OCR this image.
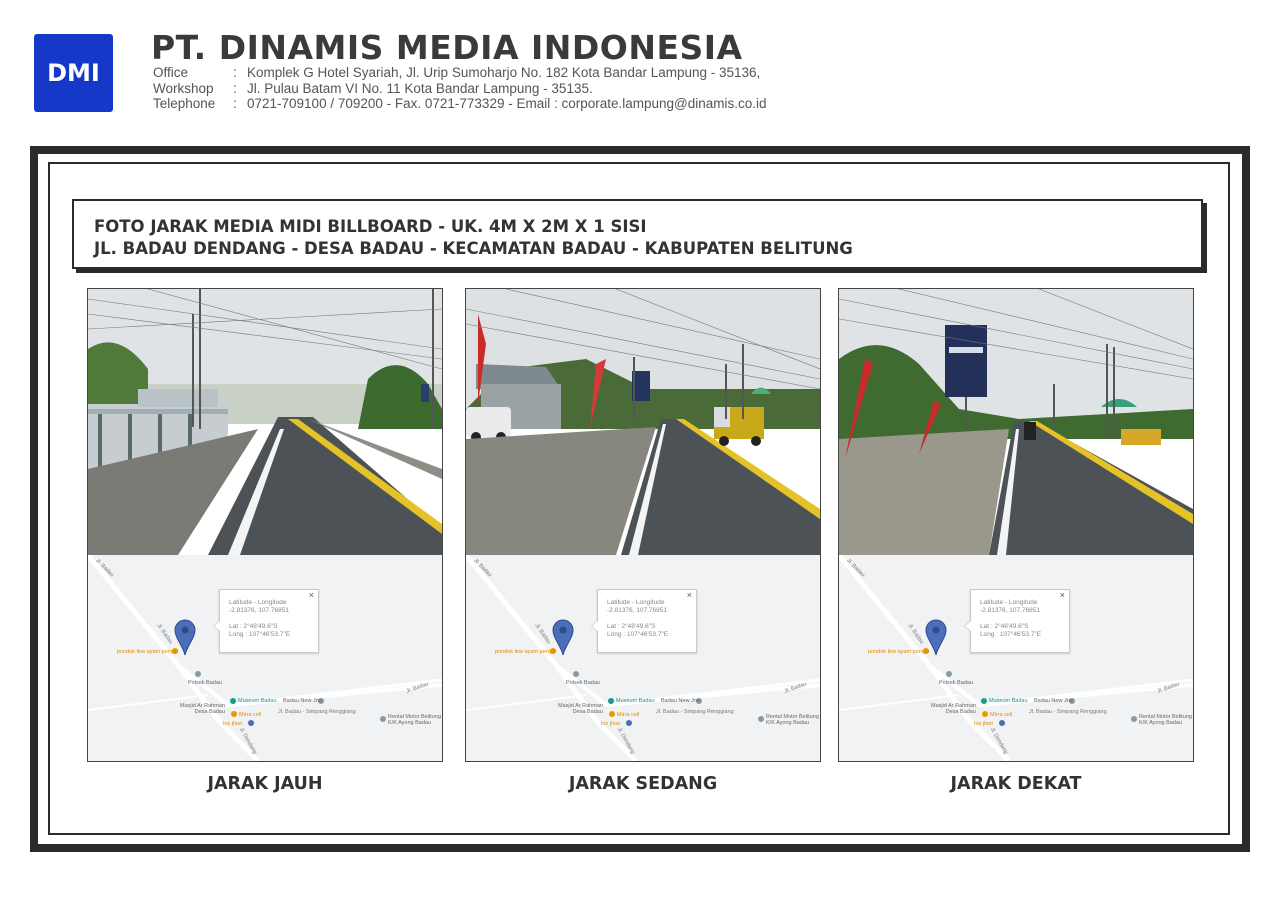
DMI
PT. DINAMIS MEDIA INDONESIA
Office	: Komplek G Hotel Syariah, Jl. Urip Sumoharjo No. 182 Kota Bandar Lampung - 35136,
Workshop	: Jl. Pulau Batam VI No. 11 Kota Bandar Lampung - 35135.
Telephone	: 0721-709100 / 709200 - Fax. 0721-773329 - Email : corporate.lampung@dinamis.co.id
FOTO JARAK MEDIA MIDI BILLBOARD - UK. 4M X 2M X 1 SISI
JL. BADAU DENDANG - DESA BADAU - KECAMATAN BADAU - KABUPATEN BELITUNG
×
Latitude - Longitude
-2.81376, 107.76851
Lat : 2°48'49.6"S
Long : 107°46'53.7"E
Jl. Badau
Jl. Badau
pondok line ayam penyet
Polsek Badau
Museum Badau Badau New Jne
Masjid Ar Rahman
Desa Badau	Mirra cell
Ice jhon
Jl. Badau - Simpang Renggiang
Rental Motor Belitung
K/K Ayong Badau
Jl. Dendang
Jl. Badau
×
Latitude - Longitude
-2.81376, 107.76851
Lat : 2°48'49.6"S
Long : 107°46'53.7"E
Jl. Badau
Jl. Badau
pondok line ayam penyet
Polsek Badau
Museum Badau Badau New Jne
Masjid Ar Rahman
Desa Badau	Mirra cell
Ice jhon
Jl. Badau - Simpang Renggiang
Rental Motor Belitung
K/K Ayong Badau
Jl. Dendang
Jl. Badau
×
Latitude - Longitude
-2.81376, 107.76851
Lat : 2°48'49.6"S
Long : 107°46'53.7"E
Jl. Badau
Jl. Badau
pondok line ayam penyet
Polsek Badau
Museum Badau Badau New Jne
Masjid Ar Rahman
Desa Badau	Mirra cell
Ice jhon
Jl. Badau - Simpang Renggiang
Rental Motor Belitung
K/K Ayong Badau
Jl. Dendang
Jl. Badau
JARAK JAUH	JARAK SEDANG	JARAK DEKAT
